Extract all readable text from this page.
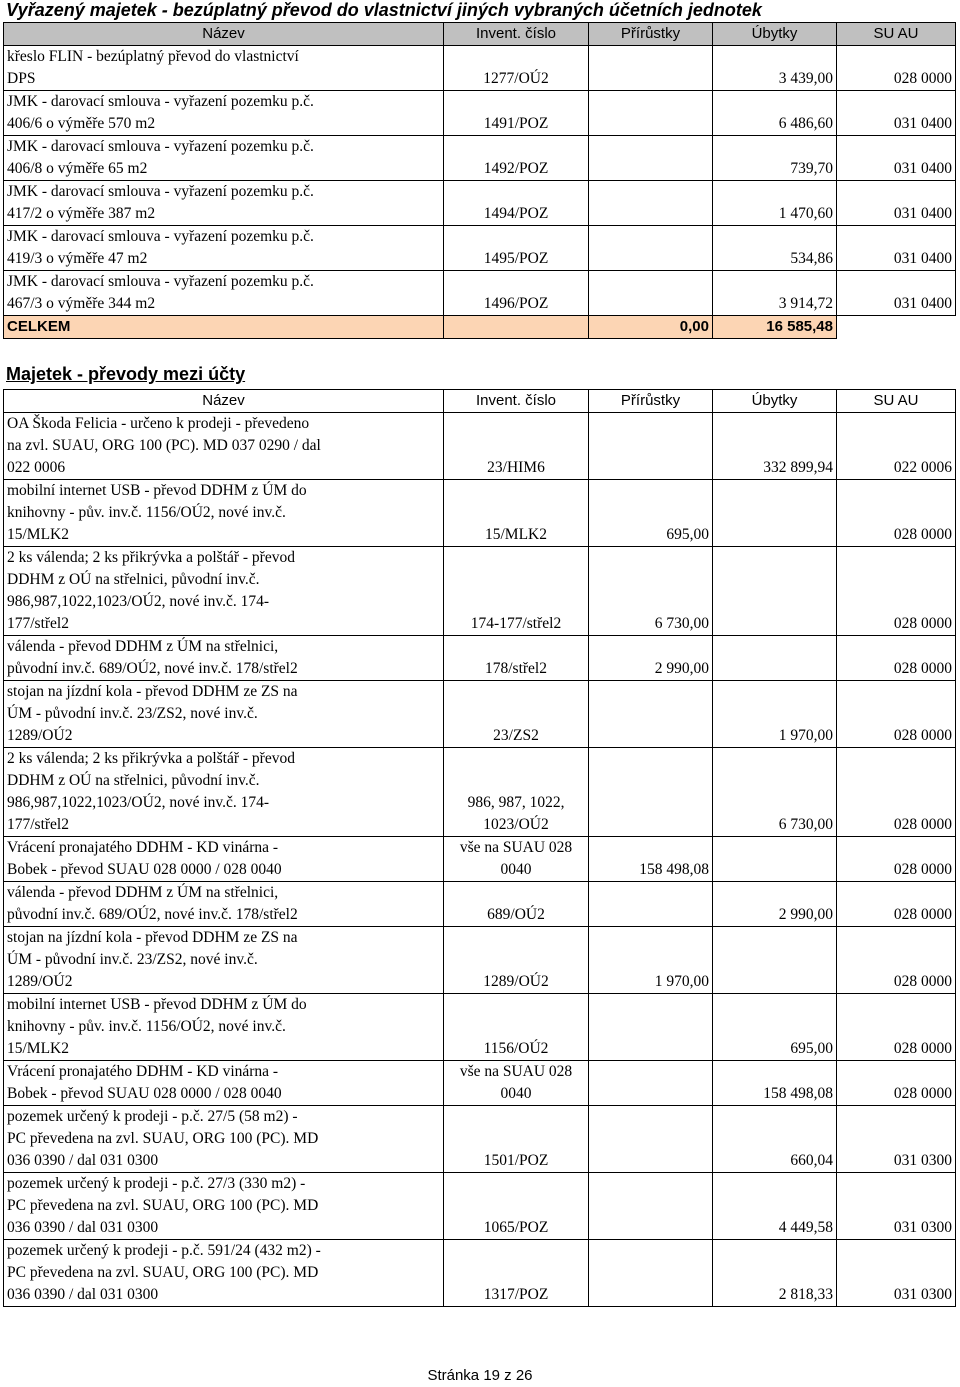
Vyřazený majetek - bezúplatný převod do vlastnictví jiných vybraných účetních jednotek
Název	Invent. číslo	Přírůstky	Úbytky	SU AU
křeslo FLIN - bezúplatný převod do vlastnictví
DPS	1277/OÚ2		3 439,00	028 0000
JMK - darovací smlouva - vyřazení pozemku p.č.
406/6 o výměře 570 m2	1491/POZ		6 486,60	031 0400
JMK - darovací smlouva - vyřazení pozemku p.č.
406/8 o výměře 65 m2	1492/POZ		739,70	031 0400
JMK - darovací smlouva - vyřazení pozemku p.č.
417/2 o výměře 387 m2	1494/POZ		1 470,60	031 0400
JMK - darovací smlouva - vyřazení pozemku p.č.
419/3 o výměře 47 m2	1495/POZ		534,86	031 0400
JMK - darovací smlouva - vyřazení pozemku p.č.
467/3 o výměře 344 m2	1496/POZ		3 914,72	031 0400
CELKEM		0,00	16 585,48	
Majetek - převody mezi účty
Název	Invent. číslo	Přírůstky	Úbytky	SU AU
OA Škoda Felicia - určeno k prodeji - převedeno
na zvl. SUAU, ORG 100 (PC). MD 037 0290 / dal
022 0006	23/HIM6		332 899,94	022 0006
mobilní internet USB - převod DDHM z ÚM do
knihovny - pův. inv.č. 1156/OÚ2, nové inv.č.
15/MLK2	15/MLK2	695,00		028 0000
2 ks válenda; 2 ks přikrývka a polštář - převod
DDHM z OÚ na střelnici, původní inv.č.
986,987,1022,1023/OÚ2, nové inv.č. 174-
177/střel2	174-177/střel2	6 730,00		028 0000
válenda - převod DDHM z ÚM na střelnici,
původní inv.č. 689/OÚ2, nové inv.č. 178/střel2	178/střel2	2 990,00		028 0000
stojan na jízdní kola - převod DDHM ze ZS na
ÚM - původní inv.č. 23/ZS2, nové inv.č.
1289/OÚ2	23/ZS2		1 970,00	028 0000
2 ks válenda; 2 ks přikrývka a polštář - převod
DDHM z OÚ na střelnici, původní inv.č.
986,987,1022,1023/OÚ2, nové inv.č. 174-
177/střel2	986, 987, 1022,
1023/OÚ2		6 730,00	028 0000
Vrácení pronajatého DDHM - KD vinárna -
Bobek - převod SUAU 028 0000 / 028 0040	vše na SUAU 028
0040	158 498,08		028 0000
válenda - převod DDHM z ÚM na střelnici,
původní inv.č. 689/OÚ2, nové inv.č. 178/střel2	689/OÚ2		2 990,00	028 0000
stojan na jízdní kola - převod DDHM ze ZS na
ÚM - původní inv.č. 23/ZS2, nové inv.č.
1289/OÚ2	1289/OÚ2	1 970,00		028 0000
mobilní internet USB - převod DDHM z ÚM do
knihovny - pův. inv.č. 1156/OÚ2, nové inv.č.
15/MLK2	1156/OÚ2		695,00	028 0000
Vrácení pronajatého DDHM - KD vinárna -
Bobek - převod SUAU 028 0000 / 028 0040	vše na SUAU 028
0040		158 498,08	028 0000
pozemek určený k prodeji - p.č. 27/5 (58 m2) -
PC převedena na zvl. SUAU, ORG 100 (PC). MD
036 0390 / dal 031 0300	1501/POZ		660,04	031 0300
pozemek určený k prodeji - p.č. 27/3 (330 m2) -
PC převedena na zvl. SUAU, ORG 100 (PC). MD
036 0390 / dal 031 0300	1065/POZ		4 449,58	031 0300
pozemek určený k prodeji - p.č. 591/24 (432 m2) -
PC převedena na zvl. SUAU, ORG 100 (PC). MD
036 0390 / dal 031 0300	1317/POZ		2 818,33	031 0300
Stránka 19 z 26
